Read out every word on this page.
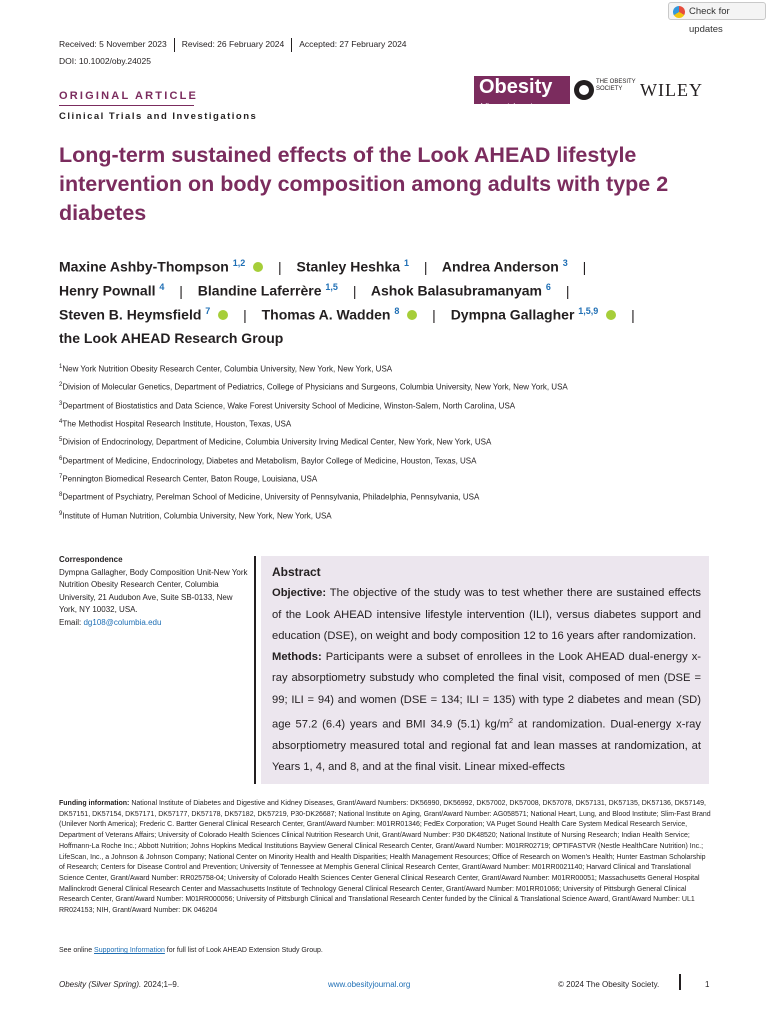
Check for updates
Received: 5 November 2023 Revised: 26 February 2024 Accepted: 27 February 2024
DOI: 10.1002/oby.24025
Obesity
A Research Journal
THE OBESITY SOCIETY WILEY
ORIGINAL ARTICLE
Clinical Trials and Investigations
Long-term sustained effects of the Look AHEAD lifestyle intervention on body composition among adults with type 2 diabetes
Maxine Ashby-Thompson $^{1,2}$ | Stanley Heshka $^1$ | Andrea Anderson $^3$ |
Henry Pownall $^4$ | Blandine Laferrère $^{1,5}$ | Ashok Balasubramanyam $^6$ |
Steven B. Heymsfield $^7$ | Thomas A. Wadden $^8$ | Dympna Gallagher $^{1,5,9}$ |
the Look AHEAD Research Group
$^1$New York Nutrition Obesity Research Center, Columbia University, New York, New York, USA
$^2$Division of Molecular Genetics, Department of Pediatrics, College of Physicians and Surgeons, Columbia University, New York, New York, USA
$^3$Department of Biostatistics and Data Science, Wake Forest University School of Medicine, Winston-Salem, North Carolina, USA
$^4$The Methodist Hospital Research Institute, Houston, Texas, USA
$^5$Division of Endocrinology, Department of Medicine, Columbia University Irving Medical Center, New York, New York, USA
$^6$Department of Medicine, Endocrinology, Diabetes and Metabolism, Baylor College of Medicine, Houston, Texas, USA
$^7$Pennington Biomedical Research Center, Baton Rouge, Louisiana, USA
$^8$Department of Psychiatry, Perelman School of Medicine, University of Pennsylvania, Philadelphia, Pennsylvania, USA
$^9$Institute of Human Nutrition, Columbia University, New York, New York, USA
Correspondence
Dympna Gallagher, Body Composition Unit-New York Nutrition Obesity Research Center, Columbia University, 21 Audubon Ave, Suite SB-0133, New York, NY 10032, USA.
Email: dg108@columbia.edu
Abstract
Objective: The objective of the study was to test whether there are sustained effects of the Look AHEAD intensive lifestyle intervention (ILI), versus diabetes support and education (DSE), on weight and body composition 12 to 16 years after randomization.
Methods: Participants were a subset of enrollees in the Look AHEAD dual-energy x-ray absorptiometry substudy who completed the final visit, composed of men (DSE = 99; ILI = 94) and women (DSE = 134; ILI = 135) with type 2 diabetes and mean (SD) age 57.2 (6.4) years and BMI 34.9 (5.1) $kg/m^2$ at randomization. Dual-energy x-ray absorptiometry measured total and regional fat and lean masses at randomization, at Years 1, 4, and 8, and at the final visit. Linear mixed-effects
Funding information: National Institute of Diabetes and Digestive and Kidney Diseases, Grant/Award Numbers: DK56990, DK56992, DK57002, DK57008, DK57078, DK57131, DK57135, DK57136, DK57149, DK57151, DK57154, DK57171, DK57177, DK57178, DK57182, DK57219, P30-DK26687; National Institute on Aging, Grant/Award Number: AG058571; National Heart, Lung, and Blood Institute; Slim-Fast Brand (Unilever North America); Frederic C. Bartter General Clinical Research Center, Grant/Award Number: M01RR01346; FedEx Corporation; VA Puget Sound Health Care System Medical Research Service, Department of Veterans Affairs; University of Colorado Health Sciences Clinical Nutrition Research Unit, Grant/Award Number: P30 DK48520; National Institute of Nursing Research; Indian Health Service; Hoffmann-La Roche Inc.; Abbott Nutrition; Johns Hopkins Medical Institutions Bayview General Clinical Research Center, Grant/Award Number: M01RR02719; OPTIFASTVR (Nestle HealthCare Nutrition) Inc.; LifeScan, Inc., a Johnson & Johnson Company; National Center on Minority Health and Health Disparities; Health Management Resources; Office of Research on Women's Health; Hunter Eastman Scholarship of Research; Centers for Disease Control and Prevention; University of Tennessee at Memphis General Clinical Research Center, Grant/Award Number: M01RR0021140; Harvard Clinical and Translational Science Center, Grant/Award Number: RR025758-04; University of Colorado Health Sciences Center General Clinical Research Center, Grant/Award Number: M01RR00051; Massachusetts General Hospital Mallinckrodt General Clinical Research Center and Massachusetts Institute of Technology General Clinical Research Center, Grant/Award Number: M01RR01066; University of Pittsburgh General Clinical Research Center, Grant/Award Number: M01RR000056; University of Pittsburgh Clinical and Translational Research Center funded by the Clinical & Translational Science Award, Grant/Award Number: UL1 RR024153; NIH, Grant/Award Number: DK 046204
See online Supporting Information for full list of Look AHEAD Extension Study Group.
Obesity (Silver Spring). 2024;1–9.	www.obesityjournal.org	© 2024 The Obesity Society.	1
